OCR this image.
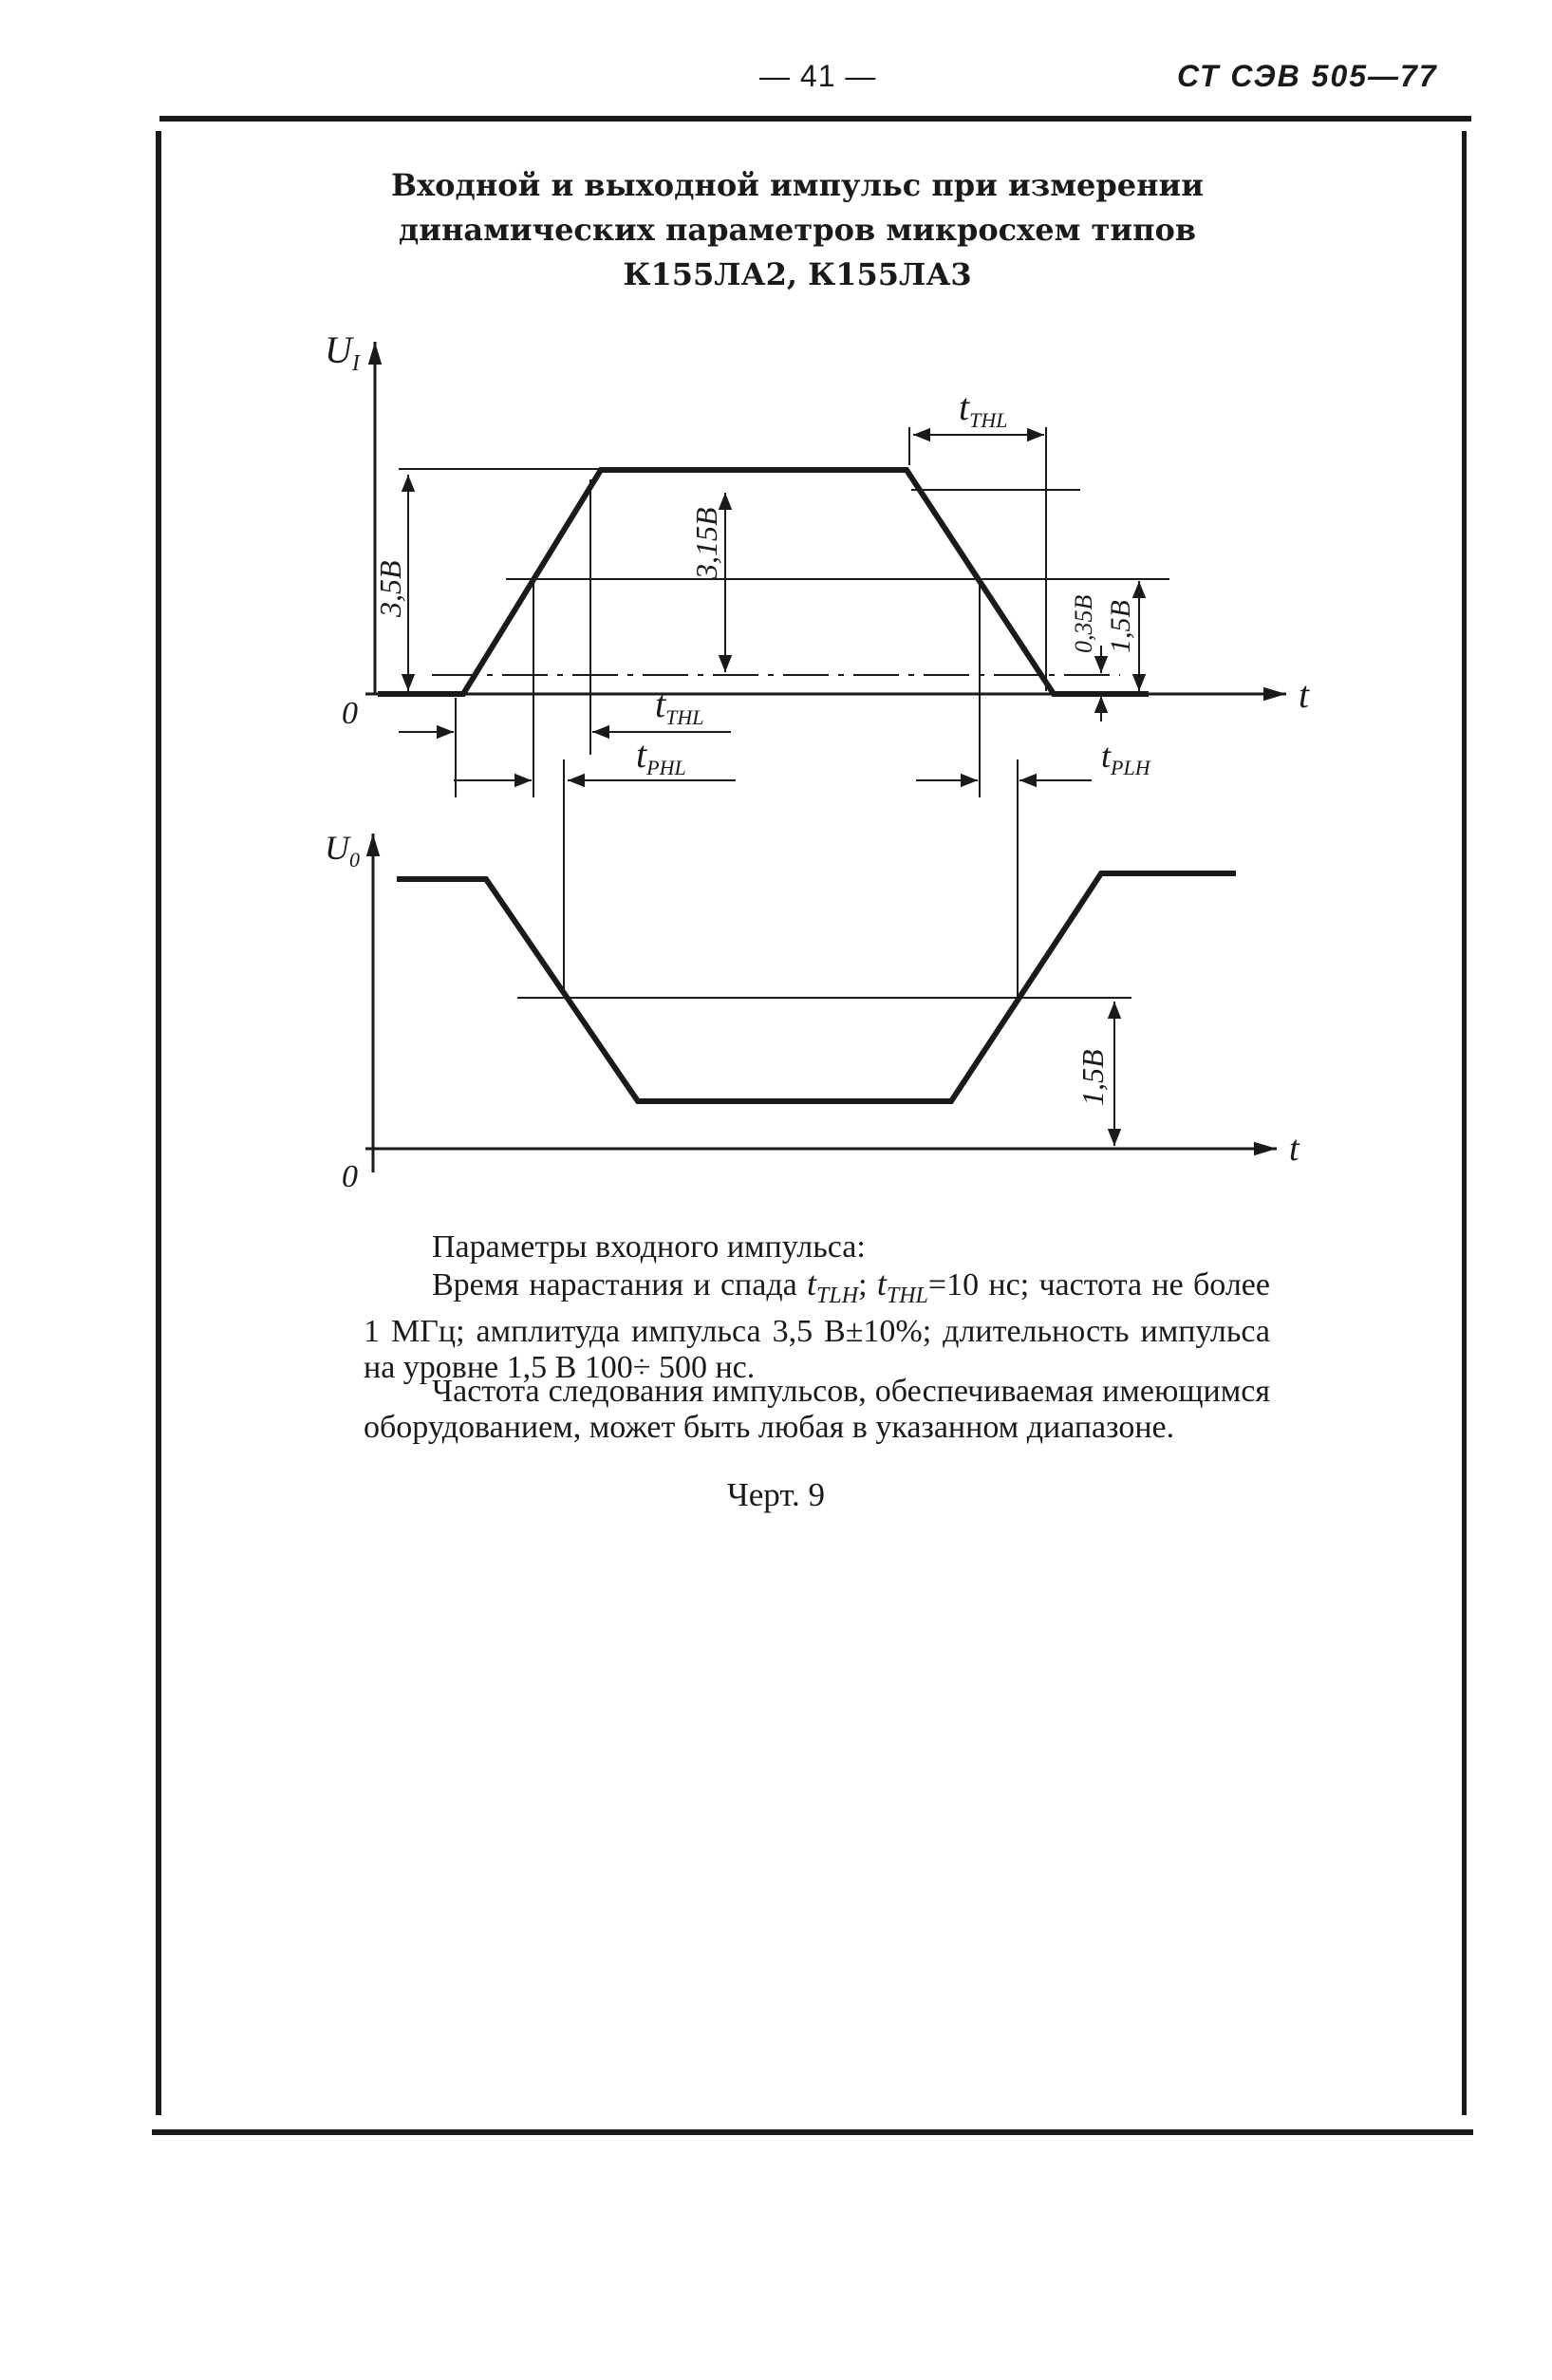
— 41 —	СТ СЭВ 505—77
Входной и выходной импульс при измерении
динамических параметров микросхем типов
К155ЛА2, К155ЛА3
$U_I$
$U_0$
0
0
t
t
$t_{THL}$
$t_{THL}$
$t_{PHL}$	$t_{PLH}$
3,5B
3,15B
0,35B 1,5B
1,5B
Параметры входного импульса:
Время нарастания и спада $t_{TLH}$; $t_{THL}=10$ нс; частота не более 1 МГц; амплитуда импульса 3,5 В±10%; длительность импульса на уровне 1,5 В 100÷ 500 нс.
Частота следования импульсов, обеспечиваемая имеющимся оборудованием, может быть любая в указанном диапазоне.
Черт. 9
